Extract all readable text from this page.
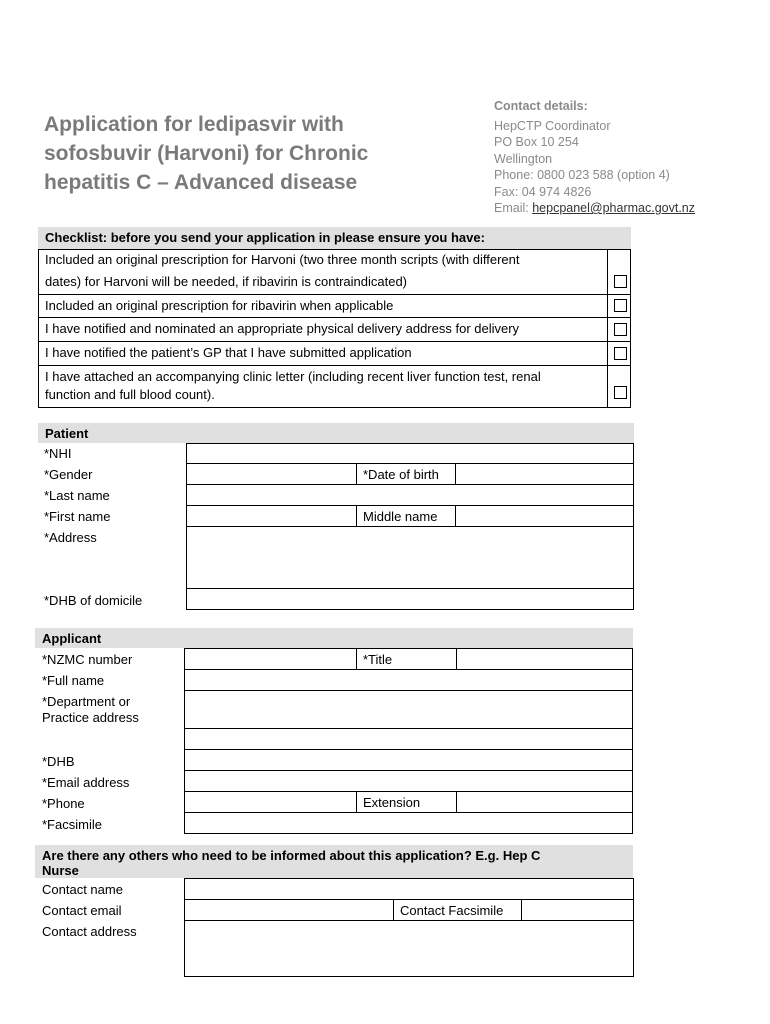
Application for ledipasvir with
sofosbuvir (Harvoni) for Chronic
hepatitis C – Advanced disease
Contact details:
HepCTP Coordinator
PO Box 10 254
Wellington
Phone: 0800 023 588 (option 4)
Fax: 04 974 4826
Email: hepcpanel@pharmac.govt.nz
Checklist: before you send your application in please ensure you have:
Included an original prescription for Harvoni (two three month scripts (with different
dates) for Harvoni will be needed, if ribavirin is contraindicated)
Included an original prescription for ribavirin when applicable
I have notified and nominated an appropriate physical delivery address for delivery
I have notified the patient’s GP that I have submitted application
I have attached an accompanying clinic letter (including recent liver function test, renal
function and full blood count).
Patient
*NHI
*Gender	*Date of birth
*Last name
*First name	Middle name
*Address
*DHB of domicile
Applicant
*NZMC number	*Title
*Full name
*Department or
Practice address
*DHB
*Email address
*Phone	Extension
*Facsimile
Are there any others who need to be informed about this application? E.g. Hep C
Nurse
Contact name
Contact email	Contact Facsimile
Contact address
